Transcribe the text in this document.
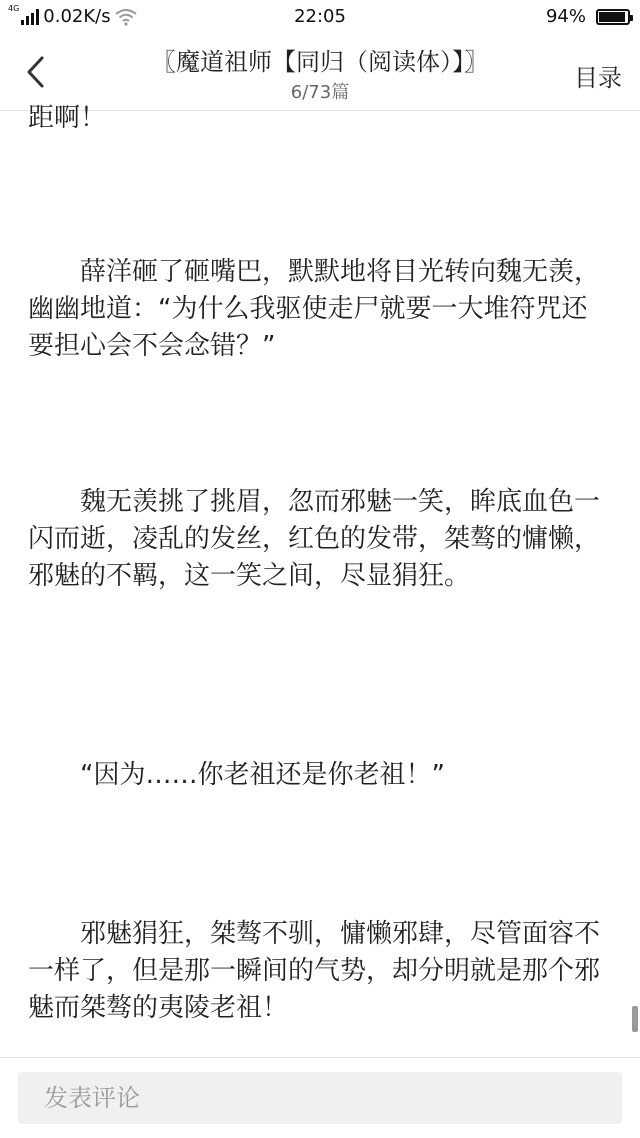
4G 0.02K/s	22:05	94%
〖魔道祖师【同归（阅读体）】〗
6/73篇
目录
距啊！
薛洋砸了砸嘴巴，默默地将目光转向魏无羡，幽幽地道：“为什么我驱使走尸就要一大堆符咒还要担心会不会念错？”
魏无羡挑了挑眉，忽而邪魅一笑，眸底血色一闪而逝，凌乱的发丝，红色的发带，桀骜的慵懒，邪魅的不羁，这一笑之间，尽显狷狂。
“因为……你老祖还是你老祖！”
邪魅狷狂，桀骜不驯，慵懒邪肆，尽管面容不一样了，但是那一瞬间的气势，却分明就是那个邪魅而桀骜的夷陵老祖！
发表评论
